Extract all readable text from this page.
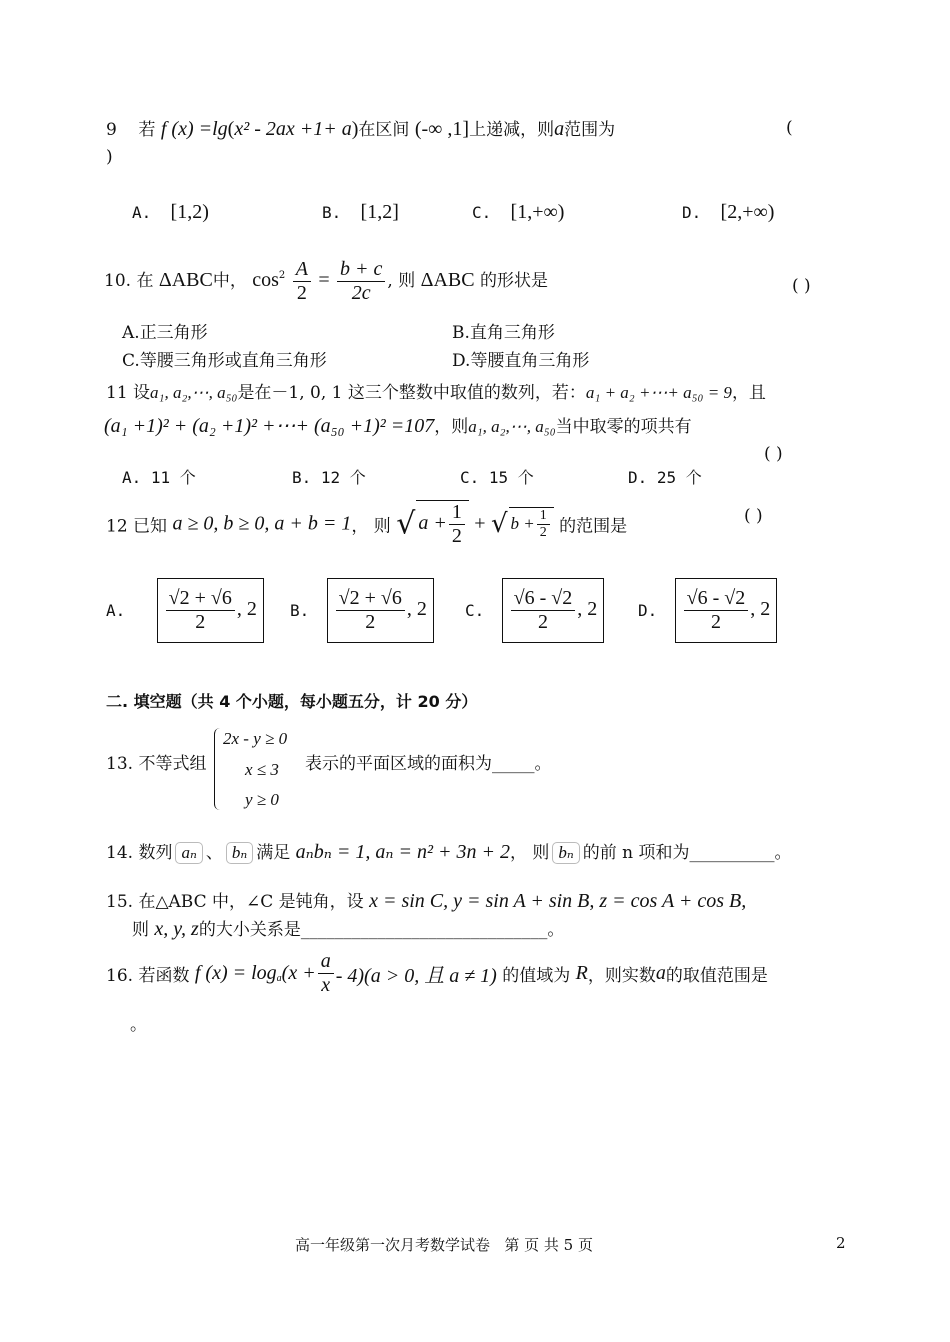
9 若 f (x) =lg(x² - 2ax +1+ a)在区间 (-∞ ,1]上递减，则a范围为	(
)
A. [1,2)	B. [1,2]	C. [1,+∞)	D. [2,+∞)
10. 在 ΔABC中， $\cos^2 \frac{A}{2} = \frac{b + c}{2c}$ , 则 ΔABC 的形状是	( )
A.正三角形	B.直角三角形
C.等腰三角形或直角三角形	D.等腰直角三角形
11 设a₁, a₂,⋯, a₅₀是在－1, 0, 1 这三个整数中取值的数列，若：a₁ + a₂ +⋯+ a₅₀ = 9，且
(a₁ +1)² + (a₂ +1)² +⋯+ (a₅₀ +1)² =107，则a₁, a₂,⋯, a₅₀当中取零的项共有
( )
A. 11 个	B. 12 个	C. 15 个	D. 25 个
12 已知 a ≥ 0, b ≥ 0, a + b = 1， 则 √ $a + \frac{1}{2}$ + √ $b + \frac{1}{2}$ 的范围是
( )
A. $\frac{√2 + √6}{2}$ , 2	B. $\frac{√2 + √6}{2}$ , 2	C. $\frac{√6 - √2}{2}$ , 2	D. $\frac{√6 - √2}{2}$ , 2
二. 填空题（共 4 个小题，每小题五分，计 20 分）
13. 不等式组
2x - y ≥ 0
x ≤ 3
y ≥ 0
表示的平面区域的面积为_____。
14. 数列 aₙ 、 bₙ 满足 aₙbₙ = 1, aₙ = n² + 3n + 2， 则 bₙ 的前 n 项和为__________。
15. 在△ABC 中，∠C 是钝角，设 x = sin C, y = sin A + sin B, z = cos A + cos B,
则 x, y, z的大小关系是_____________________________。
16. 若函数 f $(x) = \log_a(x + \frac{a}{x} - 4)(a > 0$, 且 a ≠ 1) 的值域为 R，则实数a的取值范围是
。
高一年级第一次月考数学试卷 第 页 共 5 页	2
